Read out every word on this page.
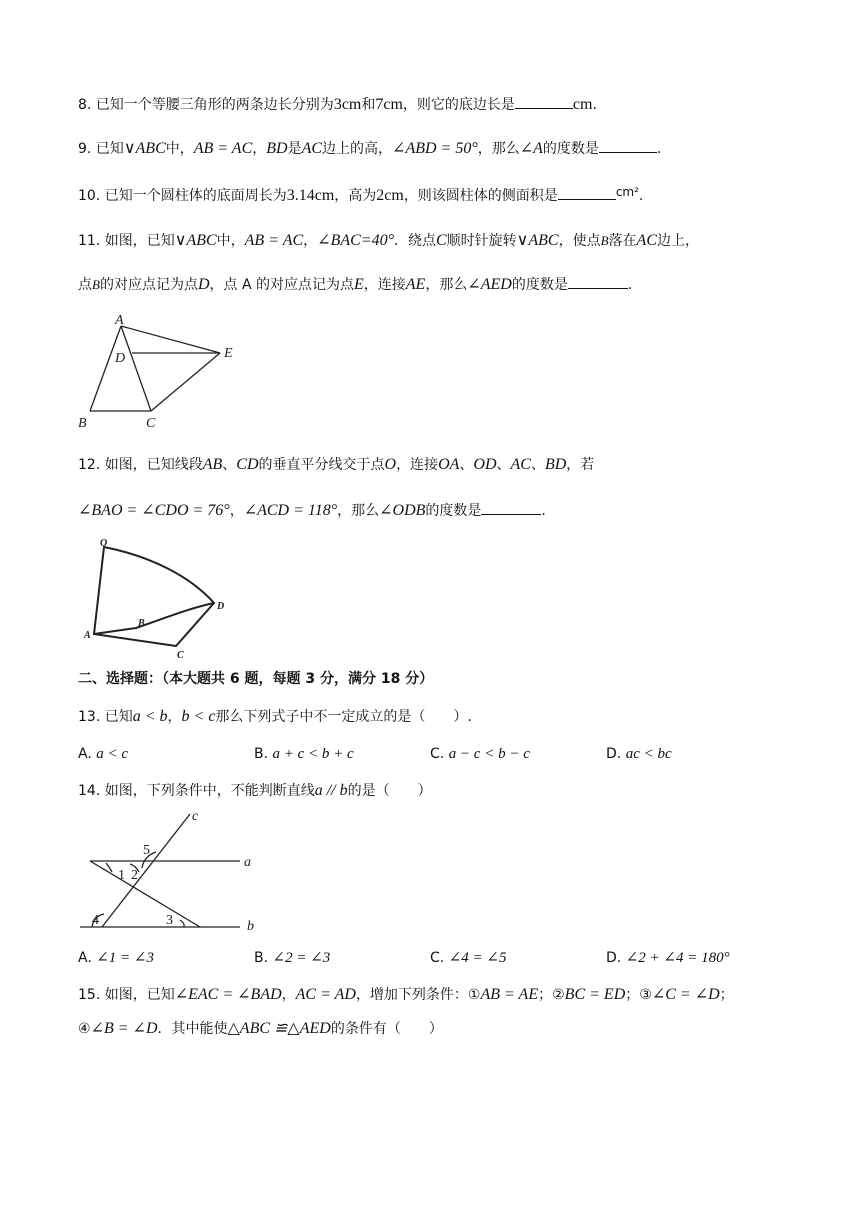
8. 已知一个等腰三角形的两条边长分别为3cm和7cm，则它的底边长是	cm.
9. 已知∨ABC中，AB = AC，BD是AC边上的高，∠ABD = 50°，那么∠A的度数是	.
10. 已知一个圆柱体的底面周长为3.14cm，高为2cm，则该圆柱体的侧面积是	cm².
11. 如图，已知∨ABC中，AB = AC，∠BAC=40°．绕点C顺时针旋转∨ABC，使点B落在AC边上，
点B的对应点记为点D，点 A 的对应点记为点E，连接AE，那么∠AED的度数是	.
A
D	E
B	C
12. 如图，已知线段AB、CD的垂直平分线交于点O，连接OA、OD、AC、BD，若
∠BAO = ∠CDO = 76°，∠ACD = 118°，那么∠ODB的度数是	.
O
A
B
C
D
二、选择题：（本大题共 6 题，每题 3 分，满分 18 分）
13. 已知a < b，b < c那么下列式子中不一定成立的是（　　）.
A. a < c	B. a + c < b + c	C. a − c < b − c	D. ac < bc
14. 如图，下列条件中，不能判断直线a // b的是（　　）
c
a
b
5
1 2
3
4
A. ∠1 = ∠3	B. ∠2 = ∠3	C. ∠4 = ∠5	D. ∠2 + ∠4 = 180°
15. 如图，已知∠EAC = ∠BAD，AC = AD，增加下列条件：①AB = AE；②BC = ED；③∠C = ∠D；
④∠B = ∠D．其中能使△ABC ≌△AED的条件有（　　）
